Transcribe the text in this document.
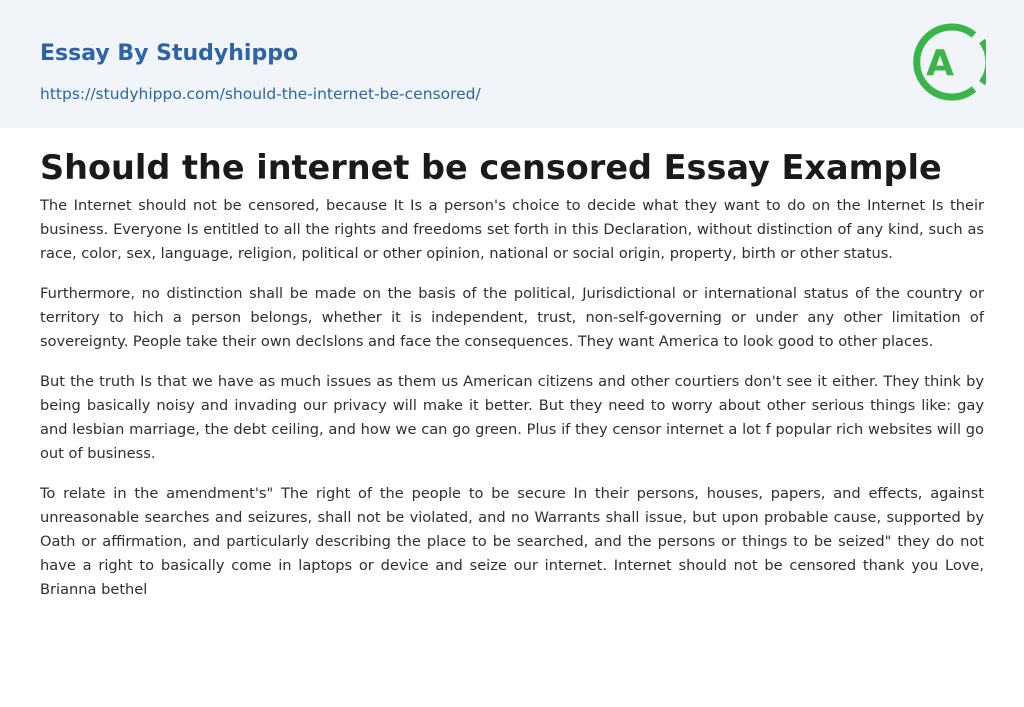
Essay By Studyhippo
https://studyhippo.com/should-the-internet-be-censored/
A
Should the internet be censored Essay Example

The Internet should not be censored, because It Is a person's choice to decide what they want to do on the Internet Is their business. Everyone Is entitled to all the rights and freedoms set forth in this Declaration, without distinction of any kind, such as race, color, sex, language, religion, political or other opinion, national or social origin, property, birth or other status.

Furthermore, no distinction shall be made on the basis of the political, Jurisdictional or international status of the country or territory to hich a person belongs, whether it is independent, trust, non-self-governing or under any other limitation of sovereignty. People take their own declslons and face the consequences. They want America to look good to other places.

But the truth Is that we have as much issues as them us American citizens and other courtiers don't see it either. They think by being basically noisy and invading our privacy will make it better. But they need to worry about other serious things like: gay and lesbian marriage, the debt ceiling, and how we can go green. Plus if they censor internet a lot f popular rich websites will go out of business.

To relate in the amendment's" The right of the people to be secure In their persons, houses, papers, and effects, against unreasonable searches and seizures, shall not be violated, and no Warrants shall issue, but upon probable cause, supported by Oath or affirmation, and particularly describing the place to be searched, and the persons or things to be seized" they do not have a right to basically come in laptops or device and seize our internet. Internet should not be censored thank you Love, Brianna bethel
